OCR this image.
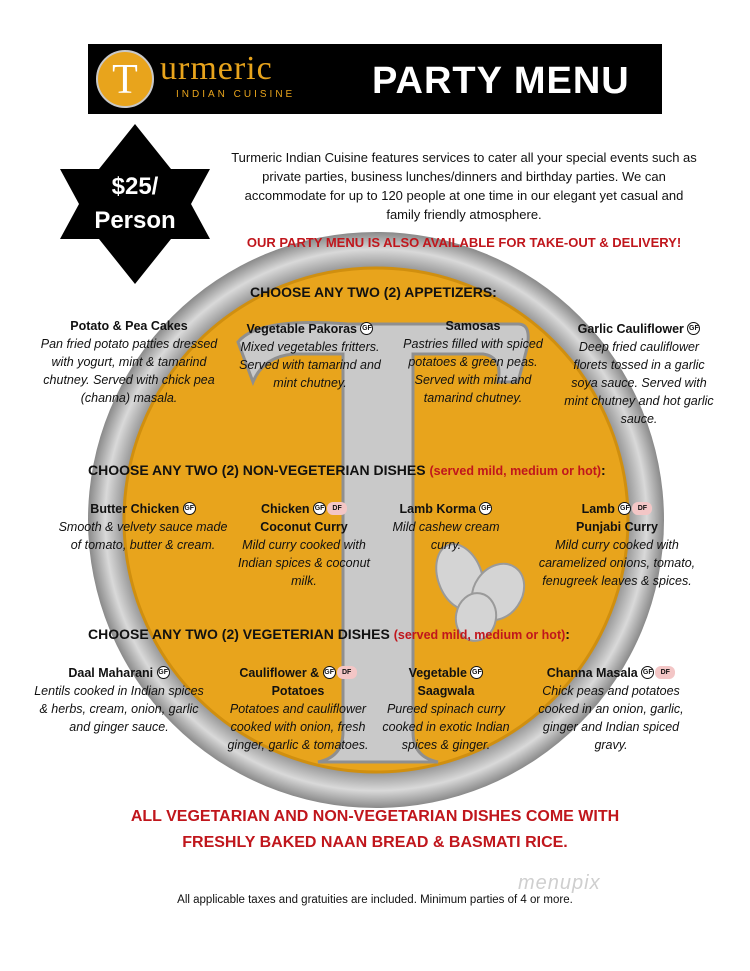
T urmeric
INDIAN CUISINE PARTY MENU
$25/
Person
Turmeric Indian Cuisine features services to cater all your special events such as private parties, business lunches/dinners and birthday parties. We can accommodate for up to 120 people at one time in our elegant yet casual and family friendly atmosphere.
OUR PARTY MENU IS ALSO AVAILABLE FOR TAKE-OUT & DELIVERY!
CHOOSE ANY TWO (2) APPETIZERS:
Potato & Pea Cakes
Pan fried potato patties dressed with yogurt, mint & tamarind chutney. Served with chick pea (channa) masala.
Vegetable Pakoras GF
Mixed vegetables fritters. Served with tamarind and mint chutney.
Samosas
Pastries filled with spiced potatoes & green peas. Served with mint and tamarind chutney.
Garlic Cauliflower GF
Deep fried cauliflower florets tossed in a garlic soya sauce. Served with mint chutney and hot garlic sauce.
CHOOSE ANY TWO (2) NON-VEGETERIAN DISHES (served mild, medium or hot):
Butter Chicken GF
Smooth & velvety sauce made of tomato, butter & cream.
Chicken GF DF
Coconut Curry
Mild curry cooked with Indian spices & coconut milk.
Lamb Korma GF
Mild cashew cream curry.
Lamb GF DF
Punjabi Curry
Mild curry cooked with caramelized onions, tomato, fenugreek leaves & spices.
CHOOSE ANY TWO (2) VEGETERIAN DISHES (served mild, medium or hot):
Daal Maharani GF
Lentils cooked in Indian spices & herbs, cream, onion, garlic and ginger sauce.
Cauliflower & GF DF
Potatoes
Potatoes and cauliflower cooked with onion, fresh ginger, garlic & tomatoes.
Vegetable GF
Saagwala
Pureed spinach curry cooked in exotic Indian spices & ginger.
Channa Masala GF DF
Chick peas and potatoes cooked in an onion, garlic, ginger and Indian spiced gravy.
ALL VEGETARIAN AND NON-VEGETARIAN DISHES COME WITH
FRESHLY BAKED NAAN BREAD & BASMATI RICE.
menupix
All applicable taxes and gratuities are included. Minimum parties of 4 or more.
